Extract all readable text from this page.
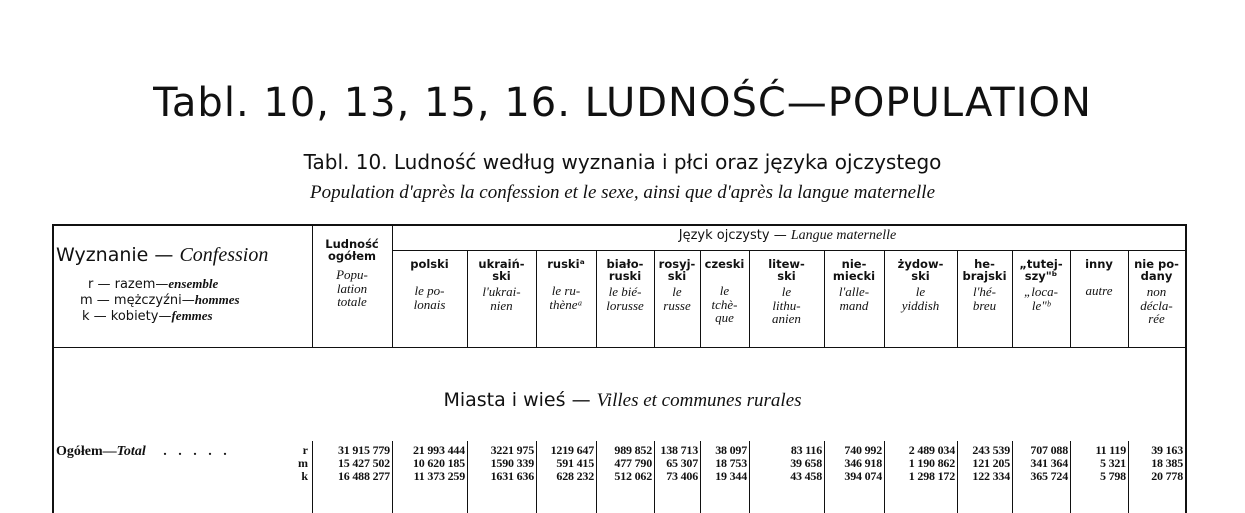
Tabl. 10, 13, 15, 16. LUDNOŚĆ—POPULATION
Tabl. 10. Ludność według wyznania i płci oraz języka ojczystego
Population d'après la confession et le sexe, ainsi que d'après la langue maternelle
Wyznanie — Confession
r — razem—ensemble
m — mężczyźni—hommes
k — kobiety—femmes
Ludność
ogółem
Popu-
lation
totale
Język ojczysty — Langue maternelle
polski
le po-
lonais
ukraiń-
ski
l'ukrai-
nien
ruskiᵃ
le ru-
thèneᵃ
biało-
ruski
le bié-
lorusse
rosyj-
ski
le
russe
czeski
le
tchè-
que
litew-
ski
le
lithu-
anien
nie-
miecki
l'alle-
mand
żydow-
ski
le
yiddish
he-
brajski
l'hé-
breu
„tutej-
szy"ᵇ
„loca-
le"ᵇ
inny
autre
nie po-
dany
non
décla-
rée
Miasta i wieś — Villes et communes rurales
Ogółem—Total . . . . .	r
m
k
31 915 779
15 427 502
16 488 277
21 993 444
10 620 185
11 373 259
3221 975
1590 339
1631 636
1219 647
591 415
628 232
989 852
477 790
512 062
138 713
65 307
73 406
38 097
18 753
19 344
83 116
39 658
43 458
740 992
346 918
394 074
2 489 034
1 190 862
1 298 172
243 539
121 205
122 334
707 088
341 364
365 724
11 119
5 321
5 798
39 163
18 385
20 778
